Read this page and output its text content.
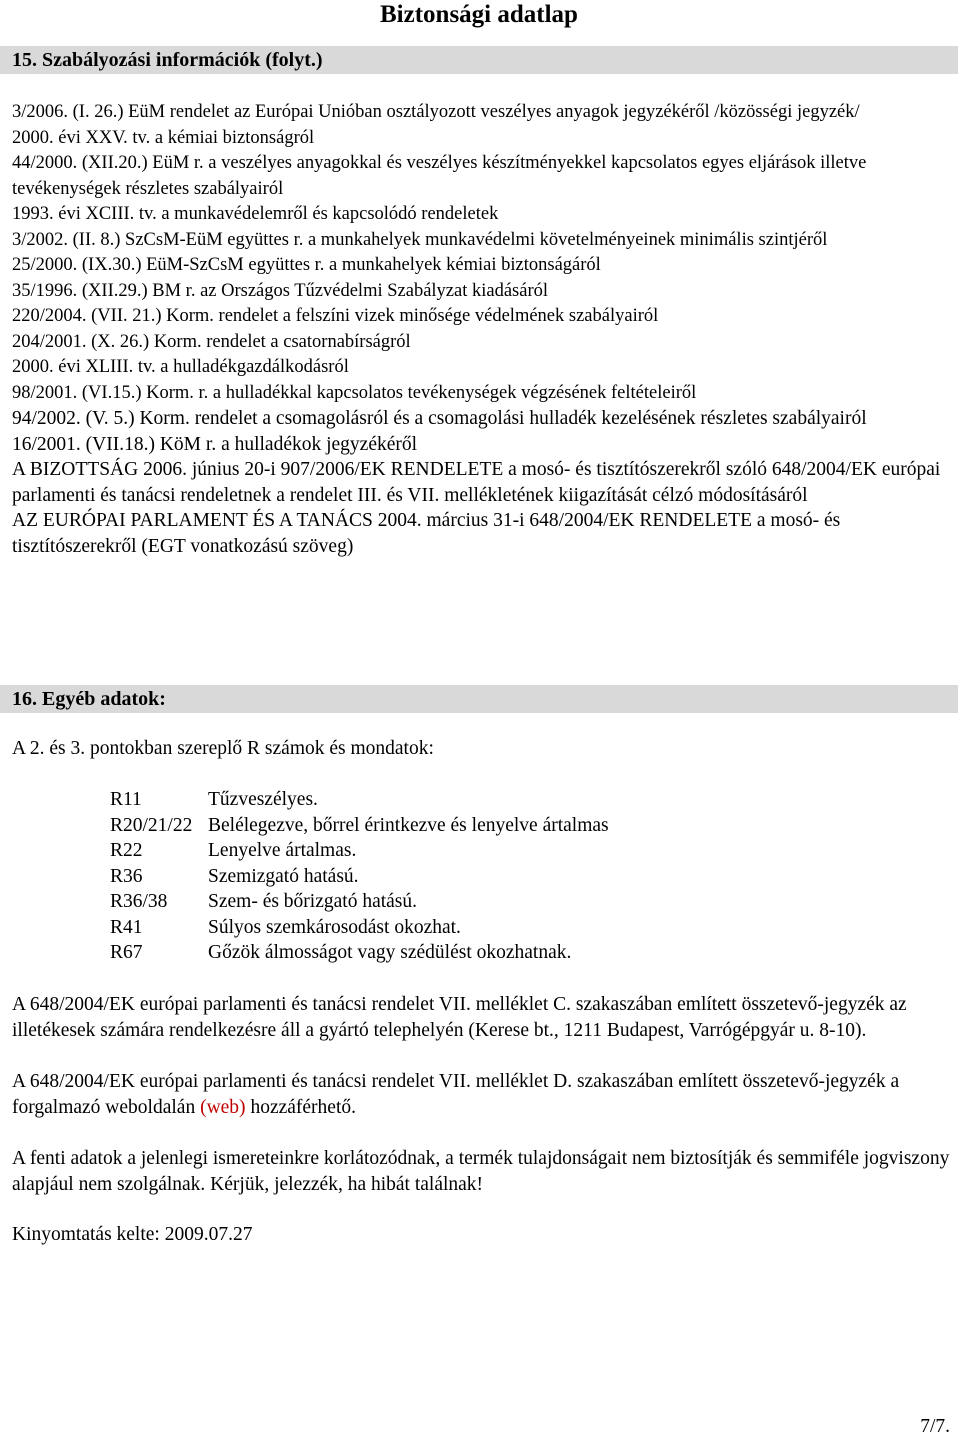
Biztonsági adatlap
15. Szabályozási információk (folyt.)
3/2006. (I. 26.) EüM rendelet az Európai Unióban osztályozott veszélyes anyagok jegyzékéről /közösségi jegyzék/
2000. évi XXV. tv. a kémiai biztonságról
44/2000. (XII.20.) EüM r. a veszélyes anyagokkal és veszélyes készítményekkel kapcsolatos egyes eljárások illetve tevékenységek részletes szabályairól
1993. évi XCIII. tv. a munkavédelemről és kapcsolódó rendeletek
3/2002. (II. 8.) SzCsM-EüM együttes r. a munkahelyek munkavédelmi követelményeinek minimális szintjéről
25/2000. (IX.30.) EüM-SzCsM együttes r. a munkahelyek kémiai biztonságáról
35/1996. (XII.29.) BM r. az Országos Tűzvédelmi Szabályzat kiadásáról
220/2004. (VII. 21.) Korm. rendelet a felszíni vizek minősége védelmének szabályairól
204/2001. (X. 26.) Korm. rendelet a csatornabírságról
2000. évi XLIII. tv. a hulladékgazdálkodásról
98/2001. (VI.15.) Korm. r. a hulladékkal kapcsolatos tevékenységek végzésének feltételeiről
94/2002. (V. 5.) Korm. rendelet a csomagolásról és a csomagolási hulladék kezelésének részletes szabályairól
16/2001. (VII.18.) KöM r. a hulladékok jegyzékéről
A BIZOTTSÁG 2006. június 20-i 907/2006/EK RENDELETE a mosó- és tisztítószerekről szóló 648/2004/EK európai parlamenti és tanácsi rendeletnek a rendelet III. és VII. mellékletének kiigazítását célzó módosításáról
AZ EURÓPAI PARLAMENT ÉS A TANÁCS 2004. március 31-i 648/2004/EK RENDELETE a mosó- és tisztítószerekről (EGT vonatkozású szöveg)
16. Egyéb adatok:

A 2. és 3. pontokban szereplő R számok és mondatok:

R11	Tűzveszélyes.
R20/21/22	Belélegezve, bőrrel érintkezve és lenyelve ártalmas
R22	Lenyelve ártalmas.
R36	Szemizgató hatású.
R36/38	Szem- és bőrizgató hatású.
R41	Súlyos szemkárosodást okozhat.
R67	Gőzök álmosságot vagy szédülést okozhatnak.

A 648/2004/EK európai parlamenti és tanácsi rendelet VII. melléklet C. szakaszában említett összetevő-jegyzék az illetékesek számára rendelkezésre áll a gyártó telephelyén (Kerese bt., 1211 Budapest, Varrógépgyár u. 8-10).

A 648/2004/EK európai parlamenti és tanácsi rendelet VII. melléklet D. szakaszában említett összetevő-jegyzék a forgalmazó weboldalán (web) hozzáférhető.

A fenti adatok a jelenlegi ismereteinkre korlátozódnak, a termék tulajdonságait nem biztosítják és semmiféle jogviszony alapjául nem szolgálnak. Kérjük, jelezzék, ha hibát találnak!

Kinyomtatás kelte: 2009.07.27

7/7.
